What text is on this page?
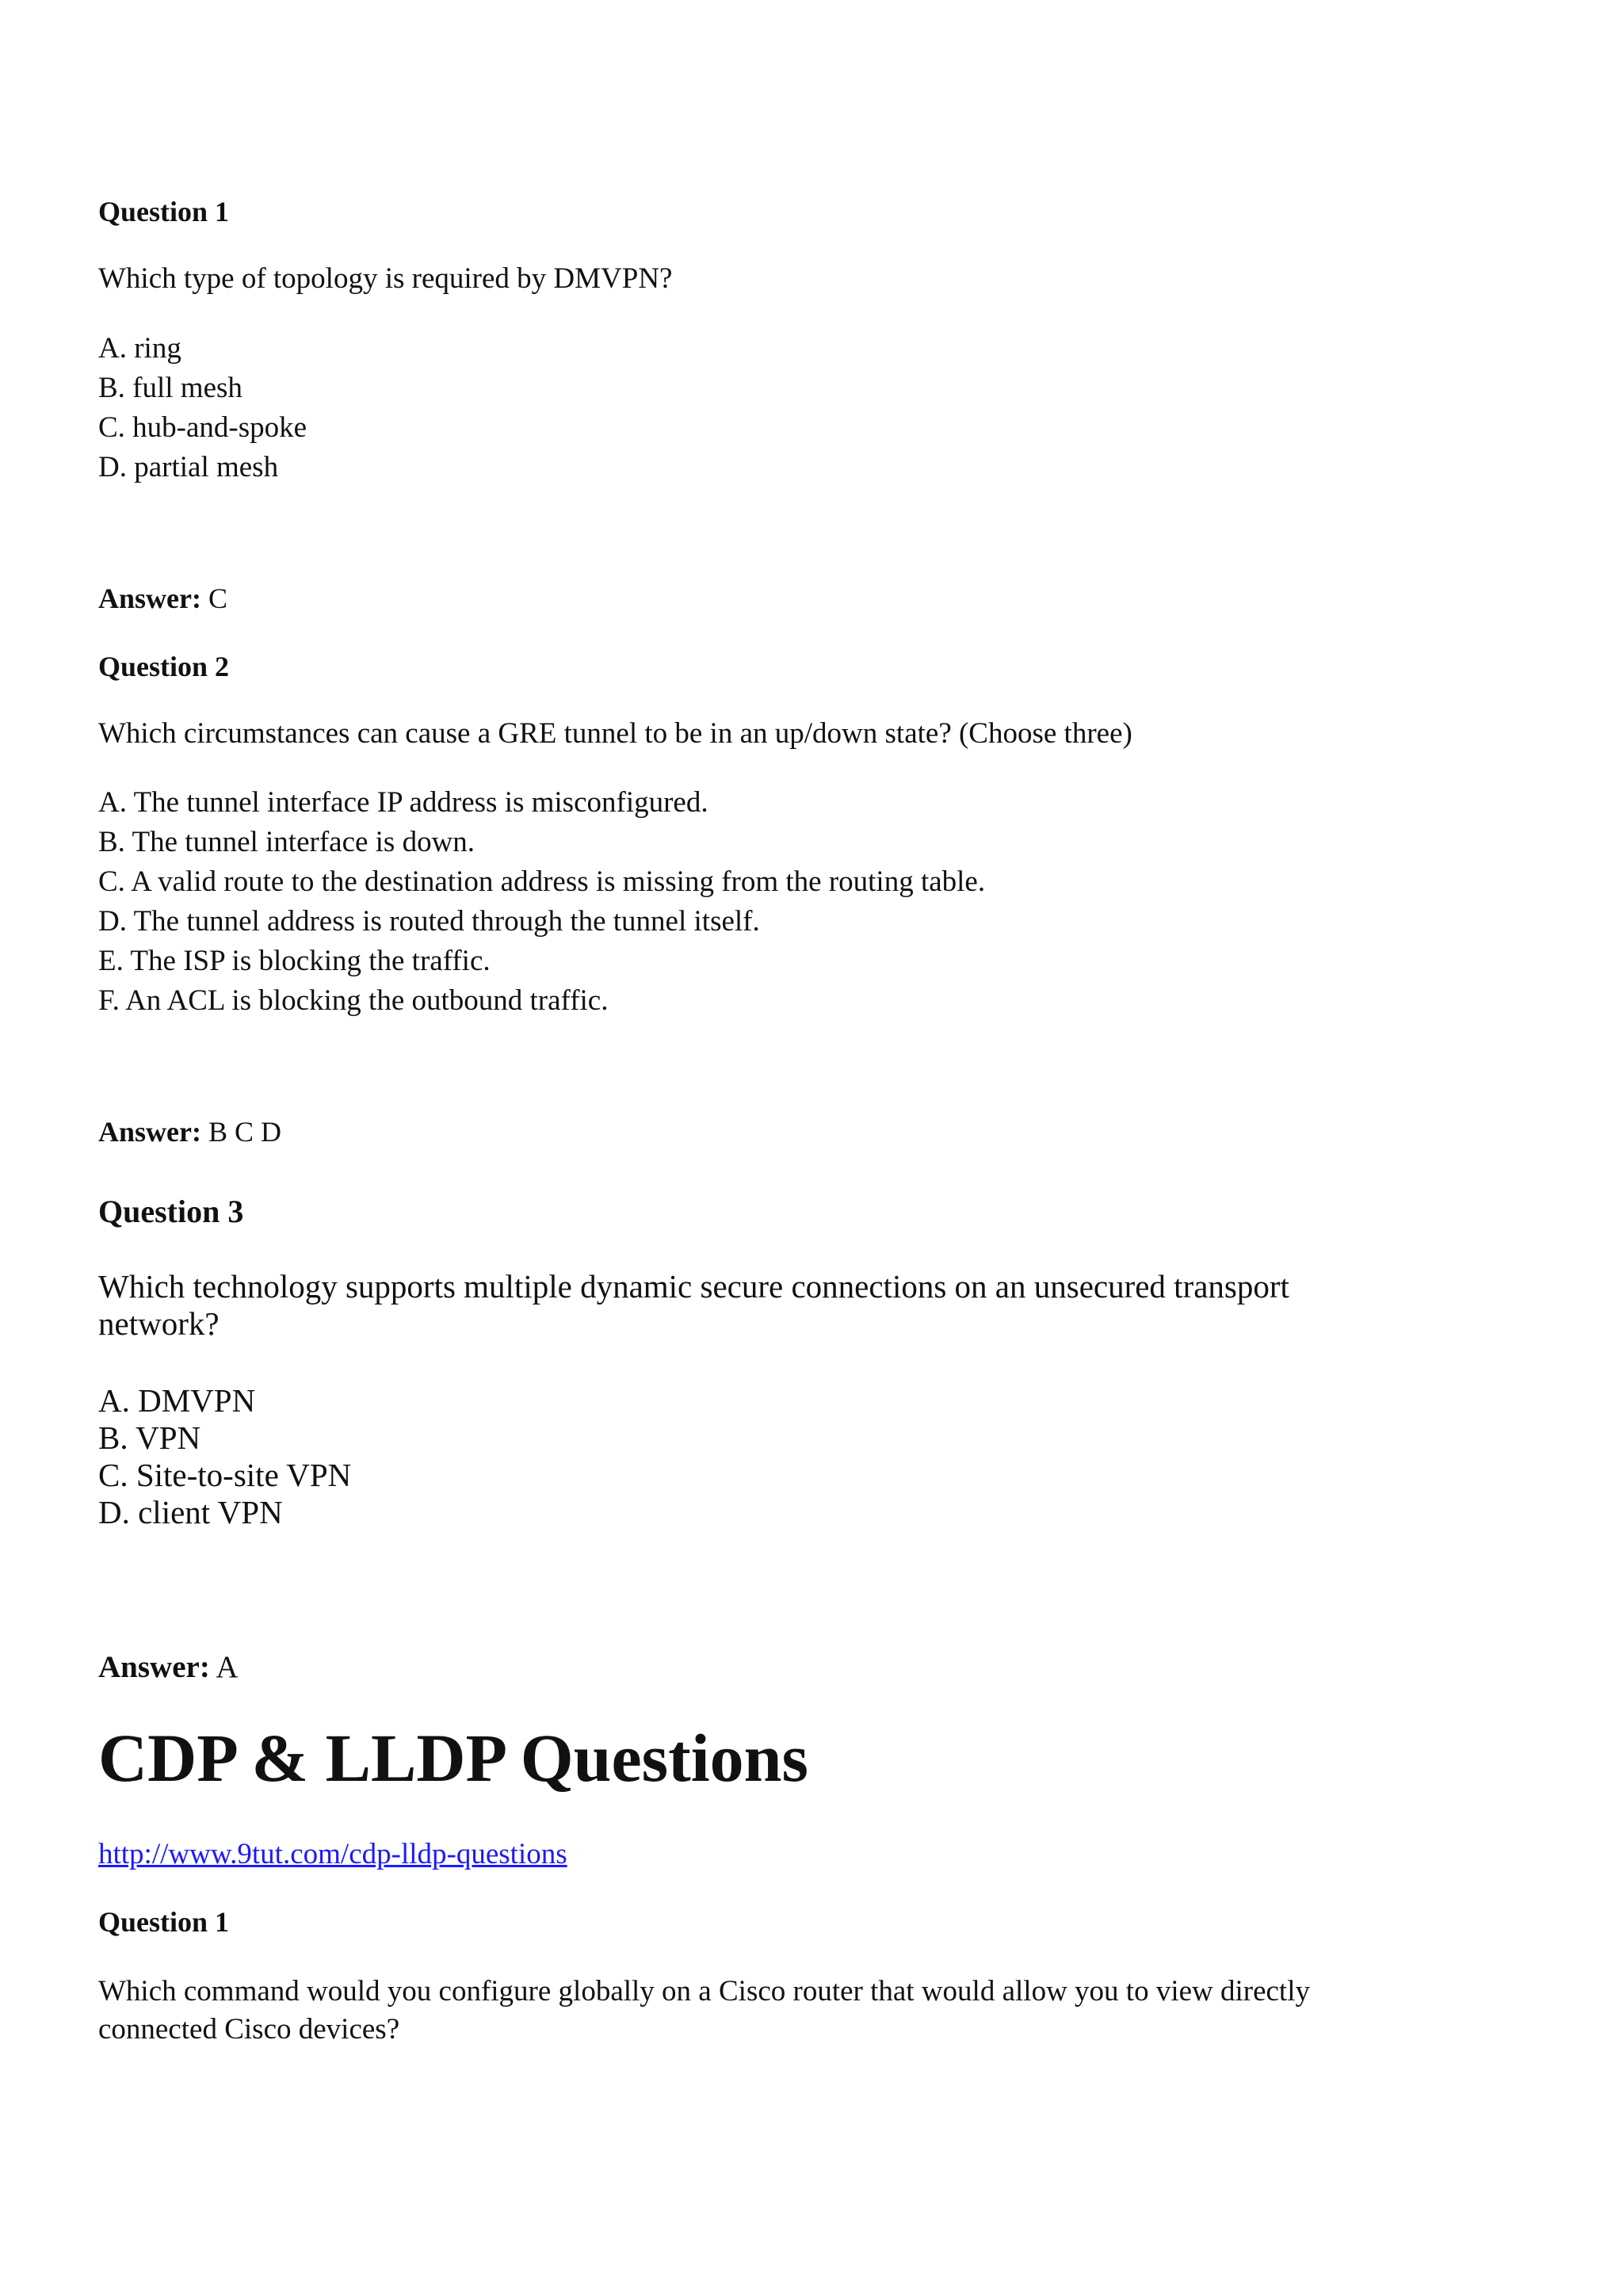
Question 1
Which type of topology is required by DMVPN?
A. ring
B. full mesh
C. hub-and-spoke
D. partial mesh
Answer: C
Question 2
Which circumstances can cause a GRE tunnel to be in an up/down state? (Choose three)
A. The tunnel interface IP address is misconfigured.
B. The tunnel interface is down.
C. A valid route to the destination address is missing from the routing table.
D. The tunnel address is routed through the tunnel itself.
E. The ISP is blocking the traffic.
F. An ACL is blocking the outbound traffic.
Answer: B C D
Question 3
Which technology supports multiple dynamic secure connections on an unsecured transport network?
A. DMVPN
B. VPN
C. Site-to-site VPN
D. client VPN
Answer: A
CDP & LLDP Questions
http://www.9tut.com/cdp-lldp-questions
Question 1
Which command would you configure globally on a Cisco router that would allow you to view directly connected Cisco devices?
